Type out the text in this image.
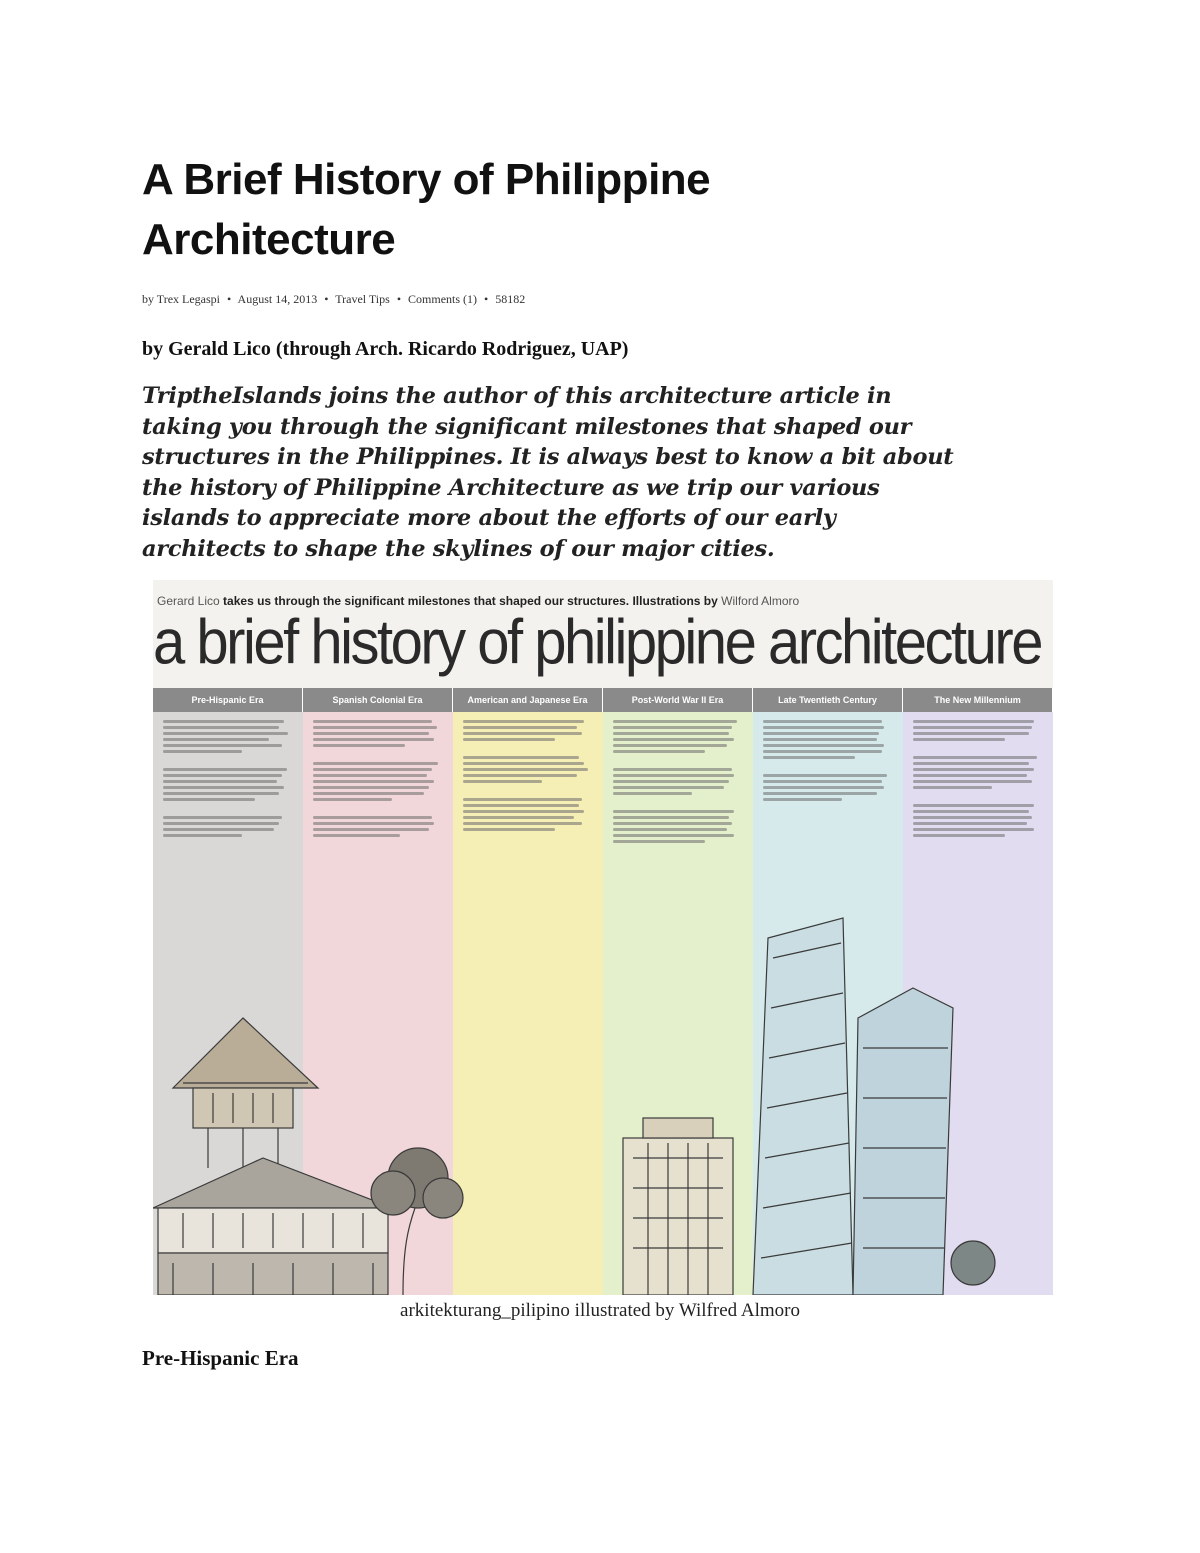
A Brief History of Philippine
Architecture
by Trex Legaspi • August 14, 2013 • Travel Tips • Comments (1) • 58182
by Gerald Lico (through Arch. Ricardo Rodriguez, UAP)

TriptheIslands joins the author of this architecture article in
taking you through the significant milestones that shaped our
structures in the Philippines. It is always best to know a bit about
the history of Philippine Architecture as we trip our various
islands to appreciate more about the efforts of our early
architects to shape the skylines of our major cities.

Gerard Lico takes us through the significant milestones that shaped our structures. Illustrations by Wilford Almoro
a brief history of philippine architecture
Pre-Hispanic Era	Spanish Colonial Era	American and Japanese Era	Post-World War II Era	Late Twentieth Century	The New Millennium
arkitekturang_pilipino illustrated by Wilfred Almoro
Pre-Hispanic Era
